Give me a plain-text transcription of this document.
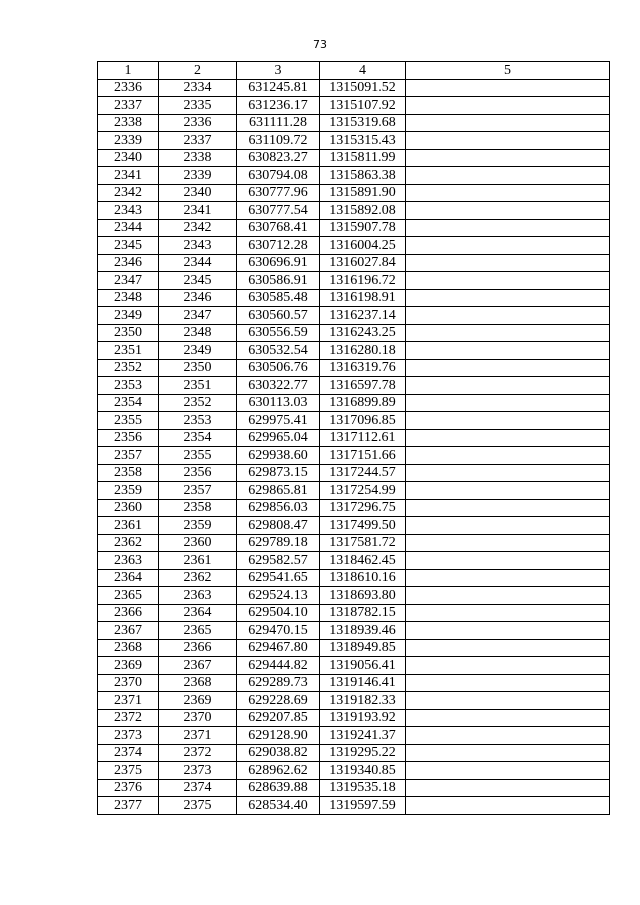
73
1	2	3	4	5
2336	2334	631245.81	1315091.52	
2337	2335	631236.17	1315107.92	
2338	2336	631111.28	1315319.68	
2339	2337	631109.72	1315315.43	
2340	2338	630823.27	1315811.99	
2341	2339	630794.08	1315863.38	
2342	2340	630777.96	1315891.90	
2343	2341	630777.54	1315892.08	
2344	2342	630768.41	1315907.78	
2345	2343	630712.28	1316004.25	
2346	2344	630696.91	1316027.84	
2347	2345	630586.91	1316196.72	
2348	2346	630585.48	1316198.91	
2349	2347	630560.57	1316237.14	
2350	2348	630556.59	1316243.25	
2351	2349	630532.54	1316280.18	
2352	2350	630506.76	1316319.76	
2353	2351	630322.77	1316597.78	
2354	2352	630113.03	1316899.89	
2355	2353	629975.41	1317096.85	
2356	2354	629965.04	1317112.61	
2357	2355	629938.60	1317151.66	
2358	2356	629873.15	1317244.57	
2359	2357	629865.81	1317254.99	
2360	2358	629856.03	1317296.75	
2361	2359	629808.47	1317499.50	
2362	2360	629789.18	1317581.72	
2363	2361	629582.57	1318462.45	
2364	2362	629541.65	1318610.16	
2365	2363	629524.13	1318693.80	
2366	2364	629504.10	1318782.15	
2367	2365	629470.15	1318939.46	
2368	2366	629467.80	1318949.85	
2369	2367	629444.82	1319056.41	
2370	2368	629289.73	1319146.41	
2371	2369	629228.69	1319182.33	
2372	2370	629207.85	1319193.92	
2373	2371	629128.90	1319241.37	
2374	2372	629038.82	1319295.22	
2375	2373	628962.62	1319340.85	
2376	2374	628639.88	1319535.18	
2377	2375	628534.40	1319597.59	
